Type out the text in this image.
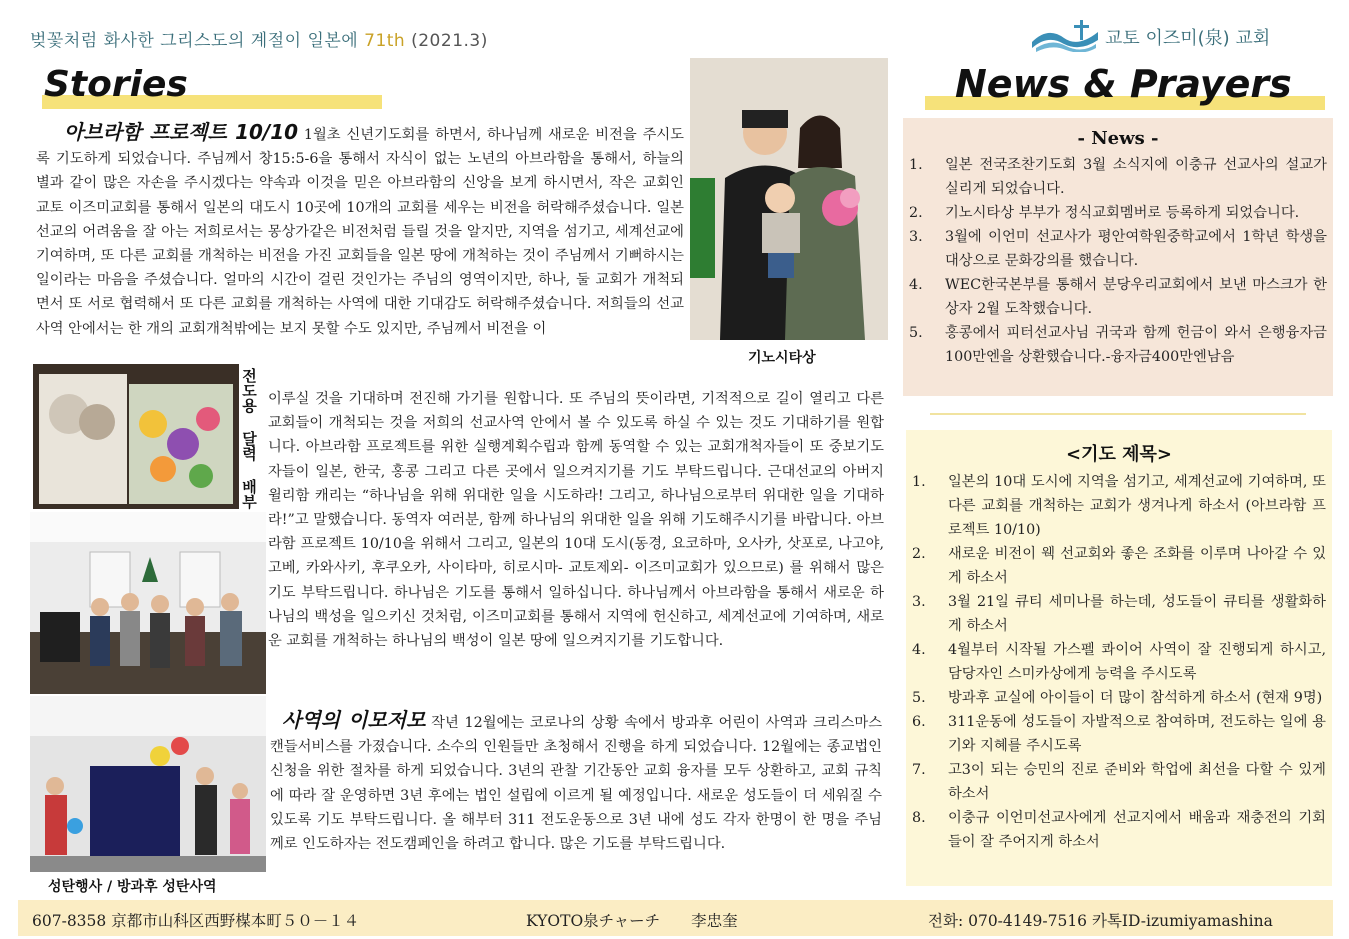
벚꽃처럼 화사한 그리스도의 계절이 일본에 71th (2021.3)	교토 이즈미(泉) 교회
Stories	News & Prayers
아브라함 프로젝트 10/10 1월초 신년기도회를 하면서, 하나님께 새로운 비전을 주시도록 기도하게 되었습니다. 주님께서 창15:5-6을 통해서 자식이 없는 노년의 아브라함을 통해서, 하늘의 별과 같이 많은 자손을 주시겠다는 약속과 이것을 믿은 아브라함의 신앙을 보게 하시면서, 작은 교회인 교토 이즈미교회를 통해서 일본의 대도시 10곳에 10개의 교회를 세우는 비전을 허락해주셨습니다. 일본 선교의 어려움을 잘 아는 저희로서는 몽상가같은 비전처럼 들릴 것을 알지만, 지역을 섬기고, 세계선교에 기여하며, 또 다른 교회를 개척하는 비전을 가진 교회들을 일본 땅에 개척하는 것이 주님께서 기뻐하시는 일이라는 마음을 주셨습니다. 얼마의 시간이 걸린 것인가는 주님의 영역이지만, 하나, 둘 교회가 개척되면서 또 서로 협력해서 또 다른 교회를 개척하는 사역에 대한 기대감도 허락해주셨습니다. 저희들의 선교사역 안에서는 한 개의 교회개척밖에는 보지 못할 수도 있지만, 주님께서 비전을 이
기노시타상
전도용 달력 배부
성탄행사 / 방과후 성탄사역
이루실 것을 기대하며 전진해 가기를 원합니다. 또 주님의 뜻이라면, 기적적으로 길이 열리고 다른 교회들이 개척되는 것을 저희의 선교사역 안에서 볼 수 있도록 하실 수 있는 것도 기대하기를 원합니다. 아브라함 프로젝트를 위한 실행계획수립과 함께 동역할 수 있는 교회개척자들이 또 중보기도자들이 일본, 한국, 홍콩 그리고 다른 곳에서 일으켜지기를 기도 부탁드립니다. 근대선교의 아버지 윌리함 캐리는 “하나님을 위해 위대한 일을 시도하라! 그리고, 하나님으로부터 위대한 일을 기대하라!”고 말했습니다. 동역자 여러분, 함께 하나님의 위대한 일을 위해 기도해주시기를 바랍니다. 아브라함 프로젝트 10/10을 위해서 그리고, 일본의 10대 도시(동경, 요코하마, 오사카, 삿포로, 나고야, 고베, 카와사키, 후쿠오카, 사이타마, 히로시마- 교토제외- 이즈미교회가 있으므로) 를 위해서 많은 기도 부탁드립니다. 하나님은 기도를 통해서 일하십니다. 하나님께서 아브라함을 통해서 새로운 하나님의 백성을 일으키신 것처럼, 이즈미교회를 통해서 지역에 헌신하고, 세계선교에 기여하며, 새로운 교회를 개척하는 하나님의 백성이 일본 땅에 일으켜지기를 기도합니다.
사역의 이모저모 작년 12월에는 코로나의 상황 속에서 방과후 어린이 사역과 크리스마스 캔들서비스를 가졌습니다. 소수의 인원들만 초청해서 진행을 하게 되었습니다. 12월에는 종교법인 신청을 위한 절차를 하게 되었습니다. 3년의 관찰 기간동안 교회 융자를 모두 상환하고, 교회 규칙에 따라 잘 운영하면 3년 후에는 법인 설립에 이르게 될 예정입니다. 새로운 성도들이 더 세워질 수 있도록 기도 부탁드립니다. 올 해부터 311 전도운동으로 3년 내에 성도 각자 한명이 한 명을 주님께로 인도하자는 전도캠페인을 하려고 합니다. 많은 기도를 부탁드립니다.
- News -
1.	일본 전국조찬기도회 3월 소식지에 이충규 선교사의 설교가 실리게 되었습니다.
2.	기노시타상 부부가 정식교회멤버로 등록하게 되었습니다.
3.	3월에 이언미 선교사가 평안여학원중학교에서 1학년 학생을 대상으로 문화강의를 했습니다.
4.	WEC한국본부를 통해서 분당우리교회에서 보낸 마스크가 한 상자 2월 도착했습니다.
5.	홍콩에서 피터선교사님 귀국과 함께 헌금이 와서 은행융자금 100만엔을 상환했습니다.-융자금400만엔남음
<기도 제목>
1.	일본의 10대 도시에 지역을 섬기고, 세계선교에 기여하며, 또 다른 교회를 개척하는 교회가 생겨나게 하소서 (아브라함 프로젝트 10/10)
2.	새로운 비전이 웩 선교회와 좋은 조화를 이루며 나아갈 수 있게 하소서
3.	3월 21일 큐티 세미나를 하는데, 성도들이 큐티를 생활화하게 하소서
4.	4월부터 시작될 가스펠 콰이어 사역이 잘 진행되게 하시고, 담당자인 스미카상에게 능력을 주시도록
5.	방과후 교실에 아이들이 더 많이 참석하게 하소서 (현재 9명)
6.	311운동에 성도들이 자발적으로 참여하며, 전도하는 일에 용기와 지혜를 주시도록
7.	고3이 되는 승민의 진로 준비와 학업에 최선을 다할 수 있게 하소서
8.	이충규 이언미선교사에게 선교지에서 배움과 재충전의 기회들이 잘 주어지게 하소서
607-8358 京都市山科区西野楳本町５０－１４	KYOTO泉チャーチ　　李忠奎	전화: 070-4149-7516 카톡ID-izumiyamashina
